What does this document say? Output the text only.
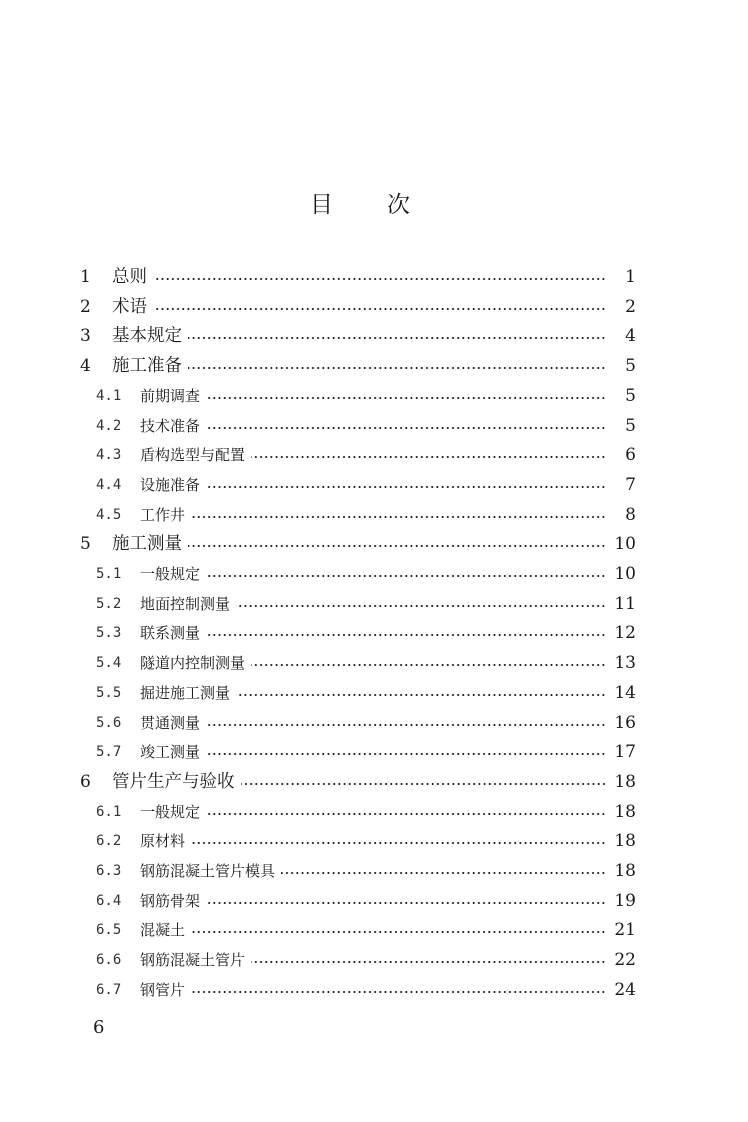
目 次
1	总则	1
2	术语	2
3	基本规定	4
4	施工准备	5
4.1	前期调查	5
4.2	技术准备	5
4.3	盾构选型与配置	6
4.4	设施准备	7
4.5	工作井	8
5	施工测量	10
5.1	一般规定	10
5.2	地面控制测量	11
5.3	联系测量	12
5.4	隧道内控制测量	13
5.5	掘进施工测量	14
5.6	贯通测量	16
5.7	竣工测量	17
6	管片生产与验收	18
6.1	一般规定	18
6.2	原材料	18
6.3	钢筋混凝土管片模具	18
6.4	钢筋骨架	19
6.5	混凝土	21
6.6	钢筋混凝土管片	22
6.7	钢管片	24
6
